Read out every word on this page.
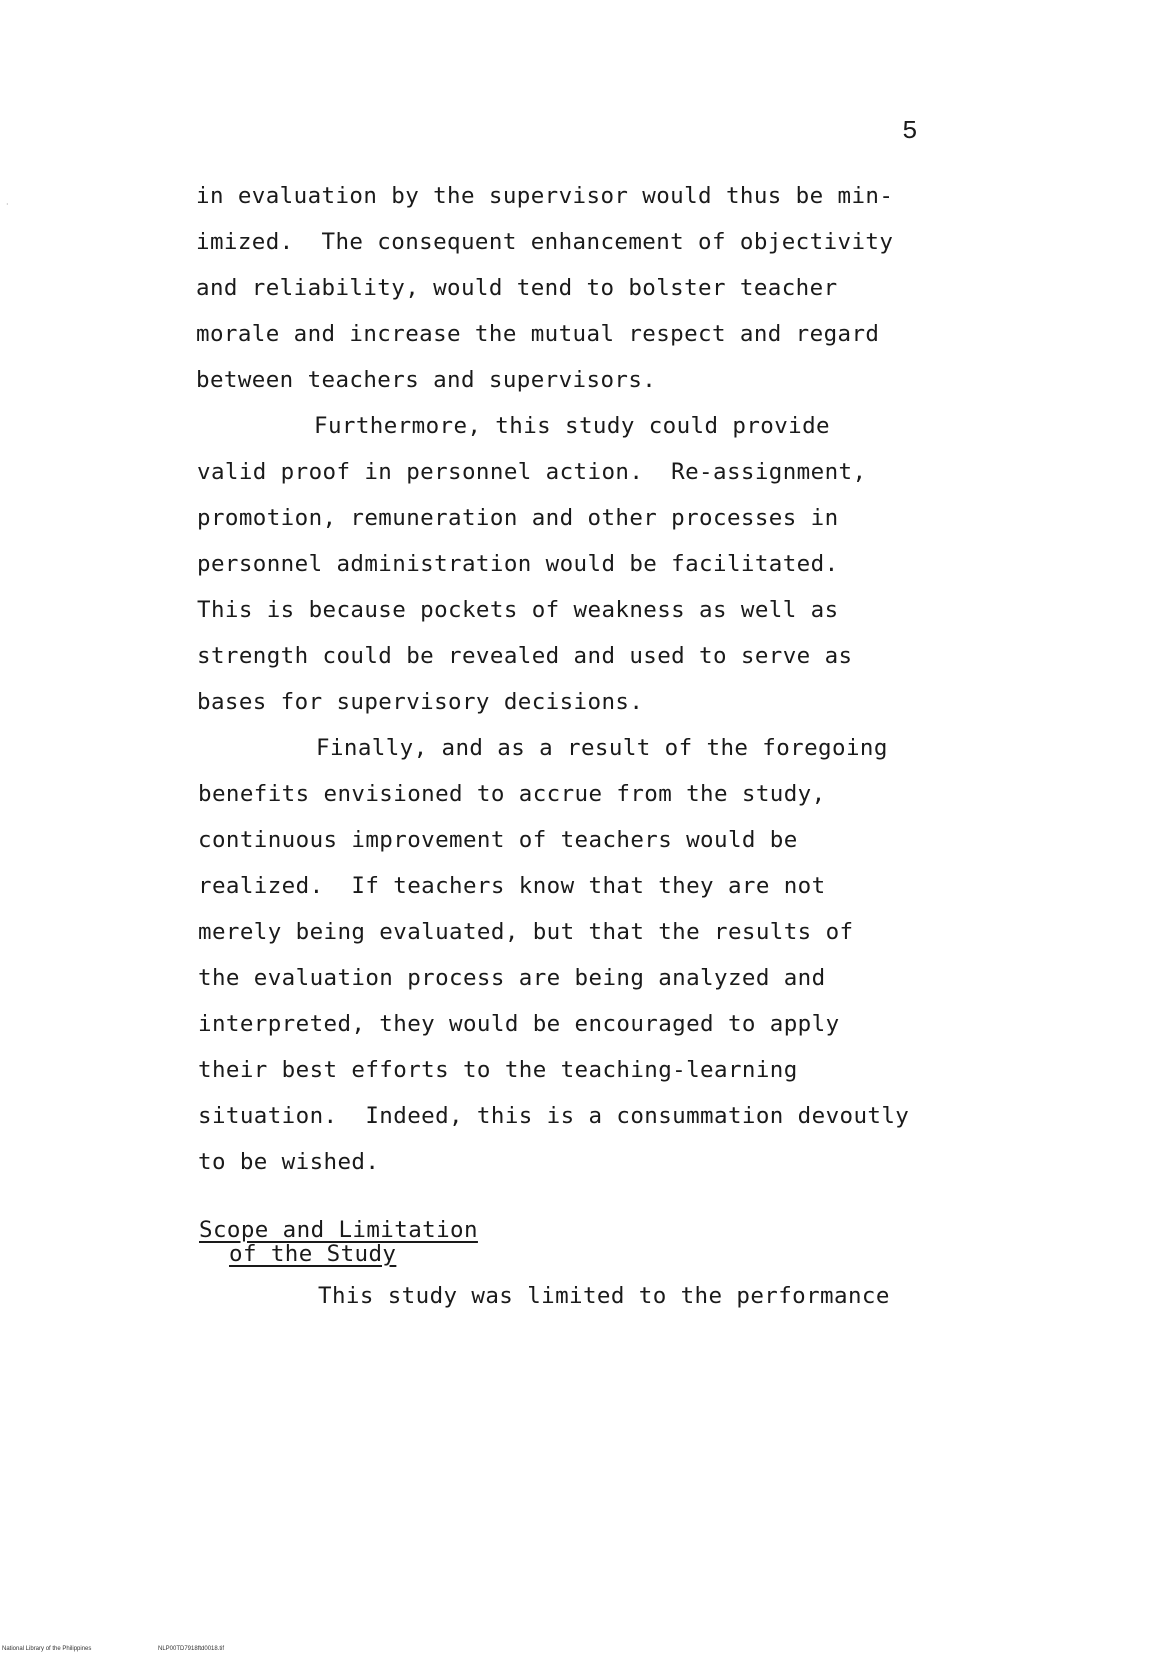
·
5
in evaluation by the supervisor would thus be min-
imized.  The consequent enhancement of objectivity
and reliability, would tend to bolster teacher
morale and increase the mutual respect and regard
between teachers and supervisors.
Furthermore, this study could provide
valid proof in personnel action.  Re-assignment,
promotion, remuneration and other processes in
personnel administration would be facilitated.
This is because pockets of weakness as well as
strength could be revealed and used to serve as
bases for supervisory decisions.
Finally, and as a result of the foregoing
benefits envisioned to accrue from the study,
continuous improvement of teachers would be
realized.  If teachers know that they are not
merely being evaluated, but that the results of
the evaluation process are being analyzed and
interpreted, they would be encouraged to apply
their best efforts to the teaching-learning
situation.  Indeed, this is a consummation devoutly
to be wished.
Scope and Limitation
of the Study
This study was limited to the performance
National Library of the Philippines	NLP00TD7918ftd0018.tif
